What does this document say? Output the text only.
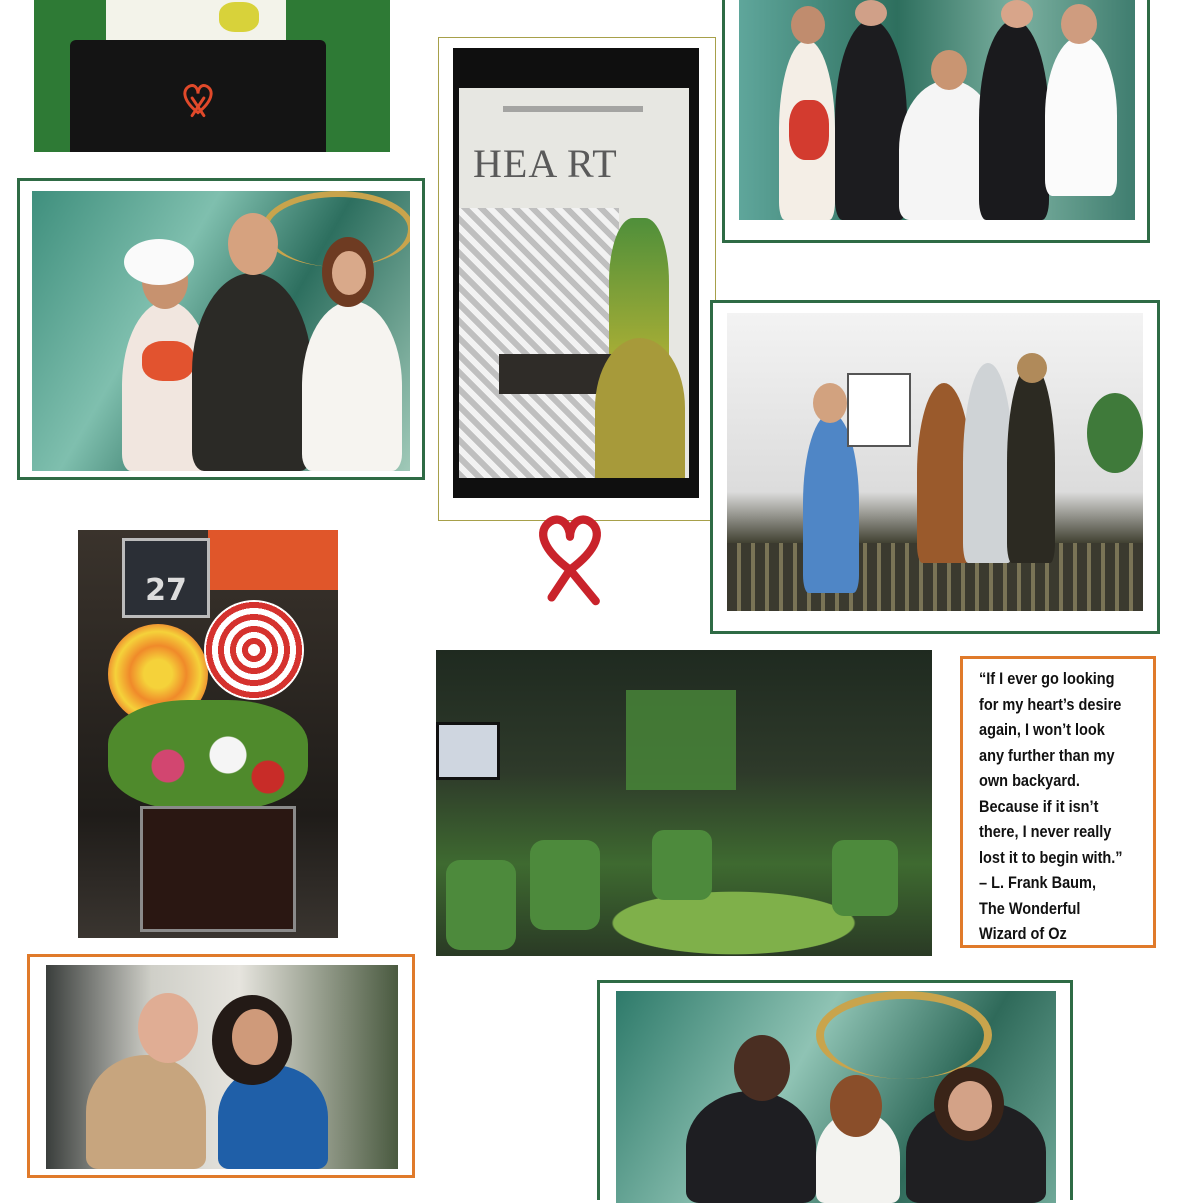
HEA RT
27
“If I ever go looking
for my heart’s desire
again, I won’t look
any further than my
own backyard.
Because if it isn’t
there, I never really
lost it to begin with.”
– L. Frank Baum,
The Wonderful
Wizard of Oz
